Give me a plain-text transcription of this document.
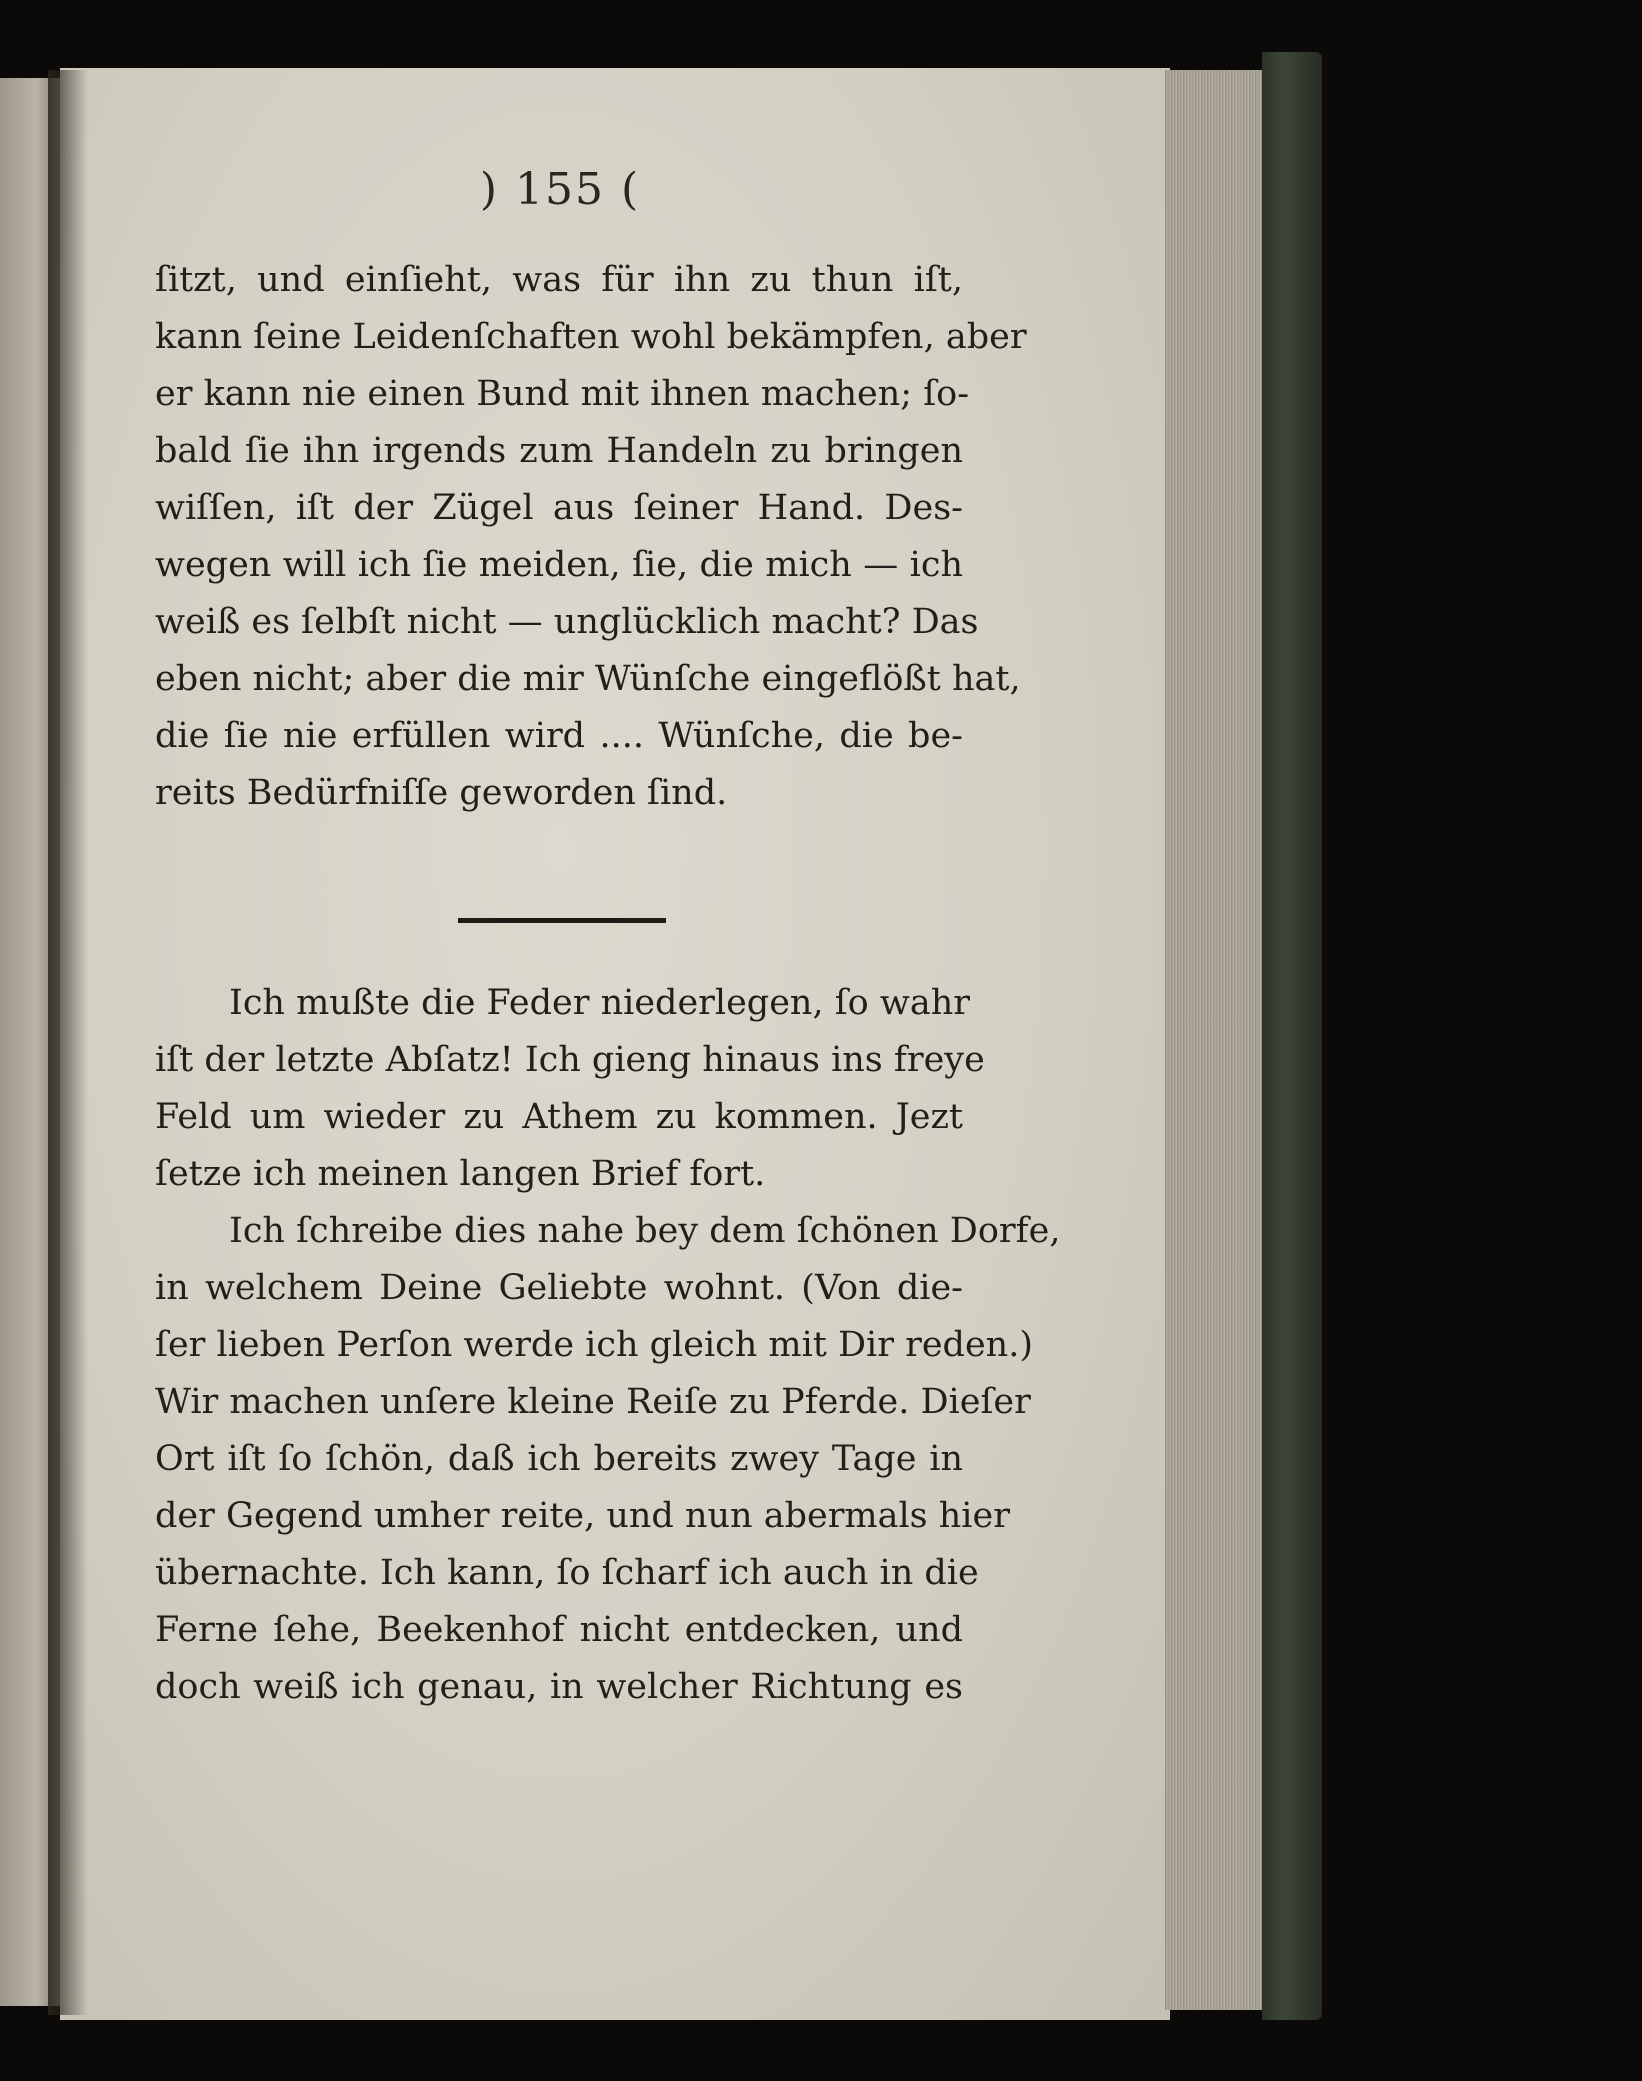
) 155 (
ſitzt, und einſieht, was für ihn zu thun iſt,
kann ſeine Leidenſchaften wohl bekämpfen, aber
er kann nie einen Bund mit ihnen machen; ſo-
bald ſie ihn irgends zum Handeln zu bringen
wiſſen, iſt der Zügel aus ſeiner Hand. Des-
wegen will ich ſie meiden, ſie, die mich — ich
weiß es ſelbſt nicht — unglücklich macht? Das
eben nicht; aber die mir Wünſche eingeflößt hat,
die ſie nie erfüllen wird .... Wünſche, die be-
reits Bedürfniſſe geworden ſind.
Ich mußte die Feder niederlegen, ſo wahr
iſt der letzte Abſatz! Ich gieng hinaus ins freye
Feld um wieder zu Athem zu kommen. Jezt
ſetze ich meinen langen Brief fort.
Ich ſchreibe dies nahe bey dem ſchönen Dorfe,
in welchem Deine Geliebte wohnt. (Von die-
ſer lieben Perſon werde ich gleich mit Dir reden.)
Wir machen unſere kleine Reiſe zu Pferde. Dieſer
Ort iſt ſo ſchön, daß ich bereits zwey Tage in
der Gegend umher reite, und nun abermals hier
übernachte. Ich kann, ſo ſcharf ich auch in die
Ferne ſehe, Beekenhof nicht entdecken, und
doch weiß ich genau, in welcher Richtung es
